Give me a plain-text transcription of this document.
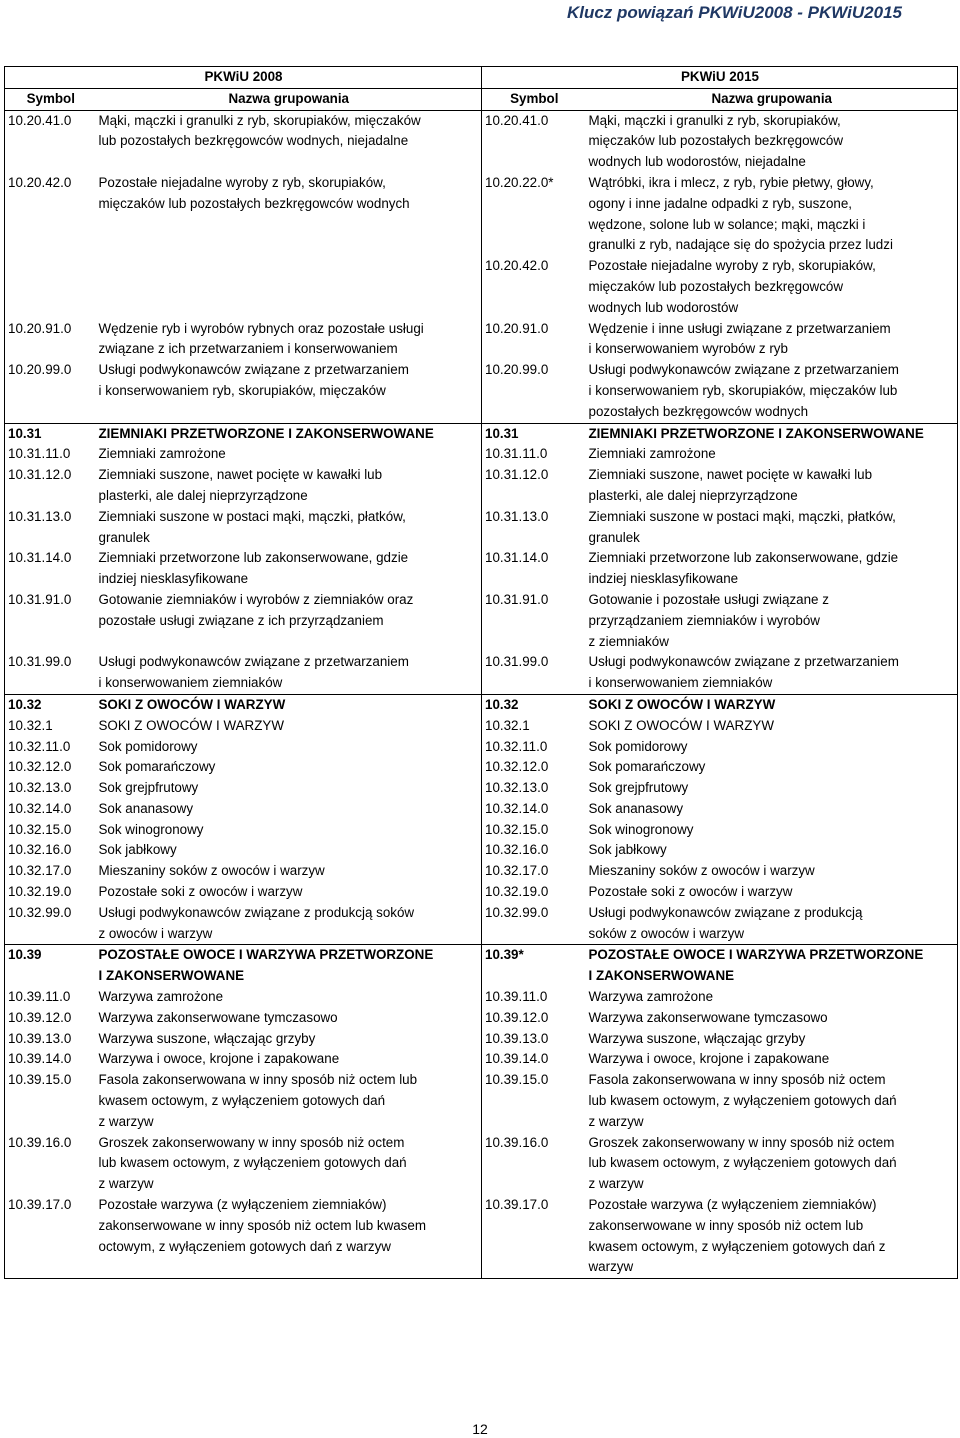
Klucz powiązań PKWiU2008 - PKWiU2015
PKWiU 2008		PKWiU 2015	
Symbol	Nazwa grupowania	Symbol	Nazwa grupowania
10.20.41.0	Mąki, mączki i granulki z ryb, skorupiaków, mięczaków
lub pozostałych bezkręgowców wodnych, niejadalne	10.20.41.0	Mąki, mączki i granulki z ryb, skorupiaków,
mięczaków lub pozostałych bezkręgowców
wodnych lub wodorostów, niejadalne
10.20.42.0	Pozostałe niejadalne wyroby z ryb, skorupiaków,
mięczaków lub pozostałych bezkręgowców wodnych	10.20.22.0*	Wątróbki, ikra i mlecz, z ryb, rybie płetwy, głowy,
ogony i inne jadalne odpadki z ryb, suszone,
wędzone, solone lub w solance; mąki, mączki i
granulki z ryb, nadające się do spożycia przez ludzi
		10.20.42.0	Pozostałe niejadalne wyroby z ryb, skorupiaków,
mięczaków lub pozostałych bezkręgowców
wodnych lub wodorostów
10.20.91.0	Wędzenie ryb i wyrobów rybnych oraz pozostałe usługi
związane z ich przetwarzaniem i konserwowaniem	10.20.91.0	Wędzenie i inne usługi związane z przetwarzaniem
i konserwowaniem wyrobów z ryb
10.20.99.0	Usługi podwykonawców związane z przetwarzaniem
i konserwowaniem ryb, skorupiaków, mięczaków	10.20.99.0	Usługi podwykonawców związane z przetwarzaniem
i konserwowaniem ryb, skorupiaków, mięczaków lub
pozostałych bezkręgowców wodnych
10.31	ZIEMNIAKI PRZETWORZONE I ZAKONSERWOWANE	10.31	ZIEMNIAKI PRZETWORZONE I ZAKONSERWOWANE
10.31.11.0	Ziemniaki zamrożone	10.31.11.0	Ziemniaki zamrożone
10.31.12.0	Ziemniaki suszone, nawet pocięte w kawałki lub
plasterki, ale dalej nieprzyrządzone	10.31.12.0	Ziemniaki suszone, nawet pocięte w kawałki lub
plasterki, ale dalej nieprzyrządzone
10.31.13.0	Ziemniaki suszone w postaci mąki, mączki, płatków,
granulek	10.31.13.0	Ziemniaki suszone w postaci mąki, mączki, płatków,
granulek
10.31.14.0	Ziemniaki przetworzone lub zakonserwowane, gdzie
indziej niesklasyfikowane	10.31.14.0	Ziemniaki przetworzone lub zakonserwowane, gdzie
indziej niesklasyfikowane
10.31.91.0	Gotowanie ziemniaków i wyrobów z ziemniaków oraz
pozostałe usługi związane z ich przyrządzaniem	10.31.91.0	Gotowanie i pozostałe usługi związane z
przyrządzaniem ziemniaków i wyrobów
z ziemniaków
10.31.99.0	Usługi podwykonawców związane z przetwarzaniem
i konserwowaniem ziemniaków	10.31.99.0	Usługi podwykonawców związane z przetwarzaniem
i konserwowaniem ziemniaków
10.32	SOKI Z OWOCÓW I WARZYW	10.32	SOKI Z OWOCÓW I WARZYW
10.32.1	SOKI Z OWOCÓW I WARZYW	10.32.1	SOKI Z OWOCÓW I WARZYW
10.32.11.0	Sok pomidorowy	10.32.11.0	Sok pomidorowy
10.32.12.0	Sok pomarańczowy	10.32.12.0	Sok pomarańczowy
10.32.13.0	Sok grejpfrutowy	10.32.13.0	Sok grejpfrutowy
10.32.14.0	Sok ananasowy	10.32.14.0	Sok ananasowy
10.32.15.0	Sok winogronowy	10.32.15.0	Sok winogronowy
10.32.16.0	Sok jabłkowy	10.32.16.0	Sok jabłkowy
10.32.17.0	Mieszaniny soków z owoców i warzyw	10.32.17.0	Mieszaniny soków z owoców i warzyw
10.32.19.0	Pozostałe soki z owoców i warzyw	10.32.19.0	Pozostałe soki z owoców i warzyw
10.32.99.0	Usługi podwykonawców związane z produkcją soków
z owoców i warzyw	10.32.99.0	Usługi podwykonawców związane z produkcją
soków z owoców i warzyw
10.39	POZOSTAŁE OWOCE I WARZYWA PRZETWORZONE
I ZAKONSERWOWANE	10.39*	POZOSTAŁE OWOCE I WARZYWA PRZETWORZONE
I ZAKONSERWOWANE
10.39.11.0	Warzywa zamrożone	10.39.11.0	Warzywa zamrożone
10.39.12.0	Warzywa zakonserwowane tymczasowo	10.39.12.0	Warzywa zakonserwowane tymczasowo
10.39.13.0	Warzywa suszone, włączając grzyby	10.39.13.0	Warzywa suszone, włączając grzyby
10.39.14.0	Warzywa i owoce, krojone i zapakowane	10.39.14.0	Warzywa i owoce, krojone i zapakowane
10.39.15.0	Fasola zakonserwowana w inny sposób niż octem lub
kwasem octowym, z wyłączeniem gotowych dań
z warzyw	10.39.15.0	Fasola zakonserwowana w inny sposób niż octem
lub kwasem octowym, z wyłączeniem gotowych dań
z warzyw
10.39.16.0	Groszek zakonserwowany w inny sposób niż octem
lub kwasem octowym, z wyłączeniem gotowych dań
z warzyw	10.39.16.0	Groszek zakonserwowany w inny sposób niż octem
lub kwasem octowym, z wyłączeniem gotowych dań
z warzyw
10.39.17.0	Pozostałe warzywa (z wyłączeniem ziemniaków)
zakonserwowane w inny sposób niż octem lub kwasem
octowym, z wyłączeniem gotowych dań z warzyw	10.39.17.0	Pozostałe warzywa (z wyłączeniem ziemniaków)
zakonserwowane w inny sposób niż octem lub
kwasem octowym, z wyłączeniem gotowych dań z
warzyw
12
